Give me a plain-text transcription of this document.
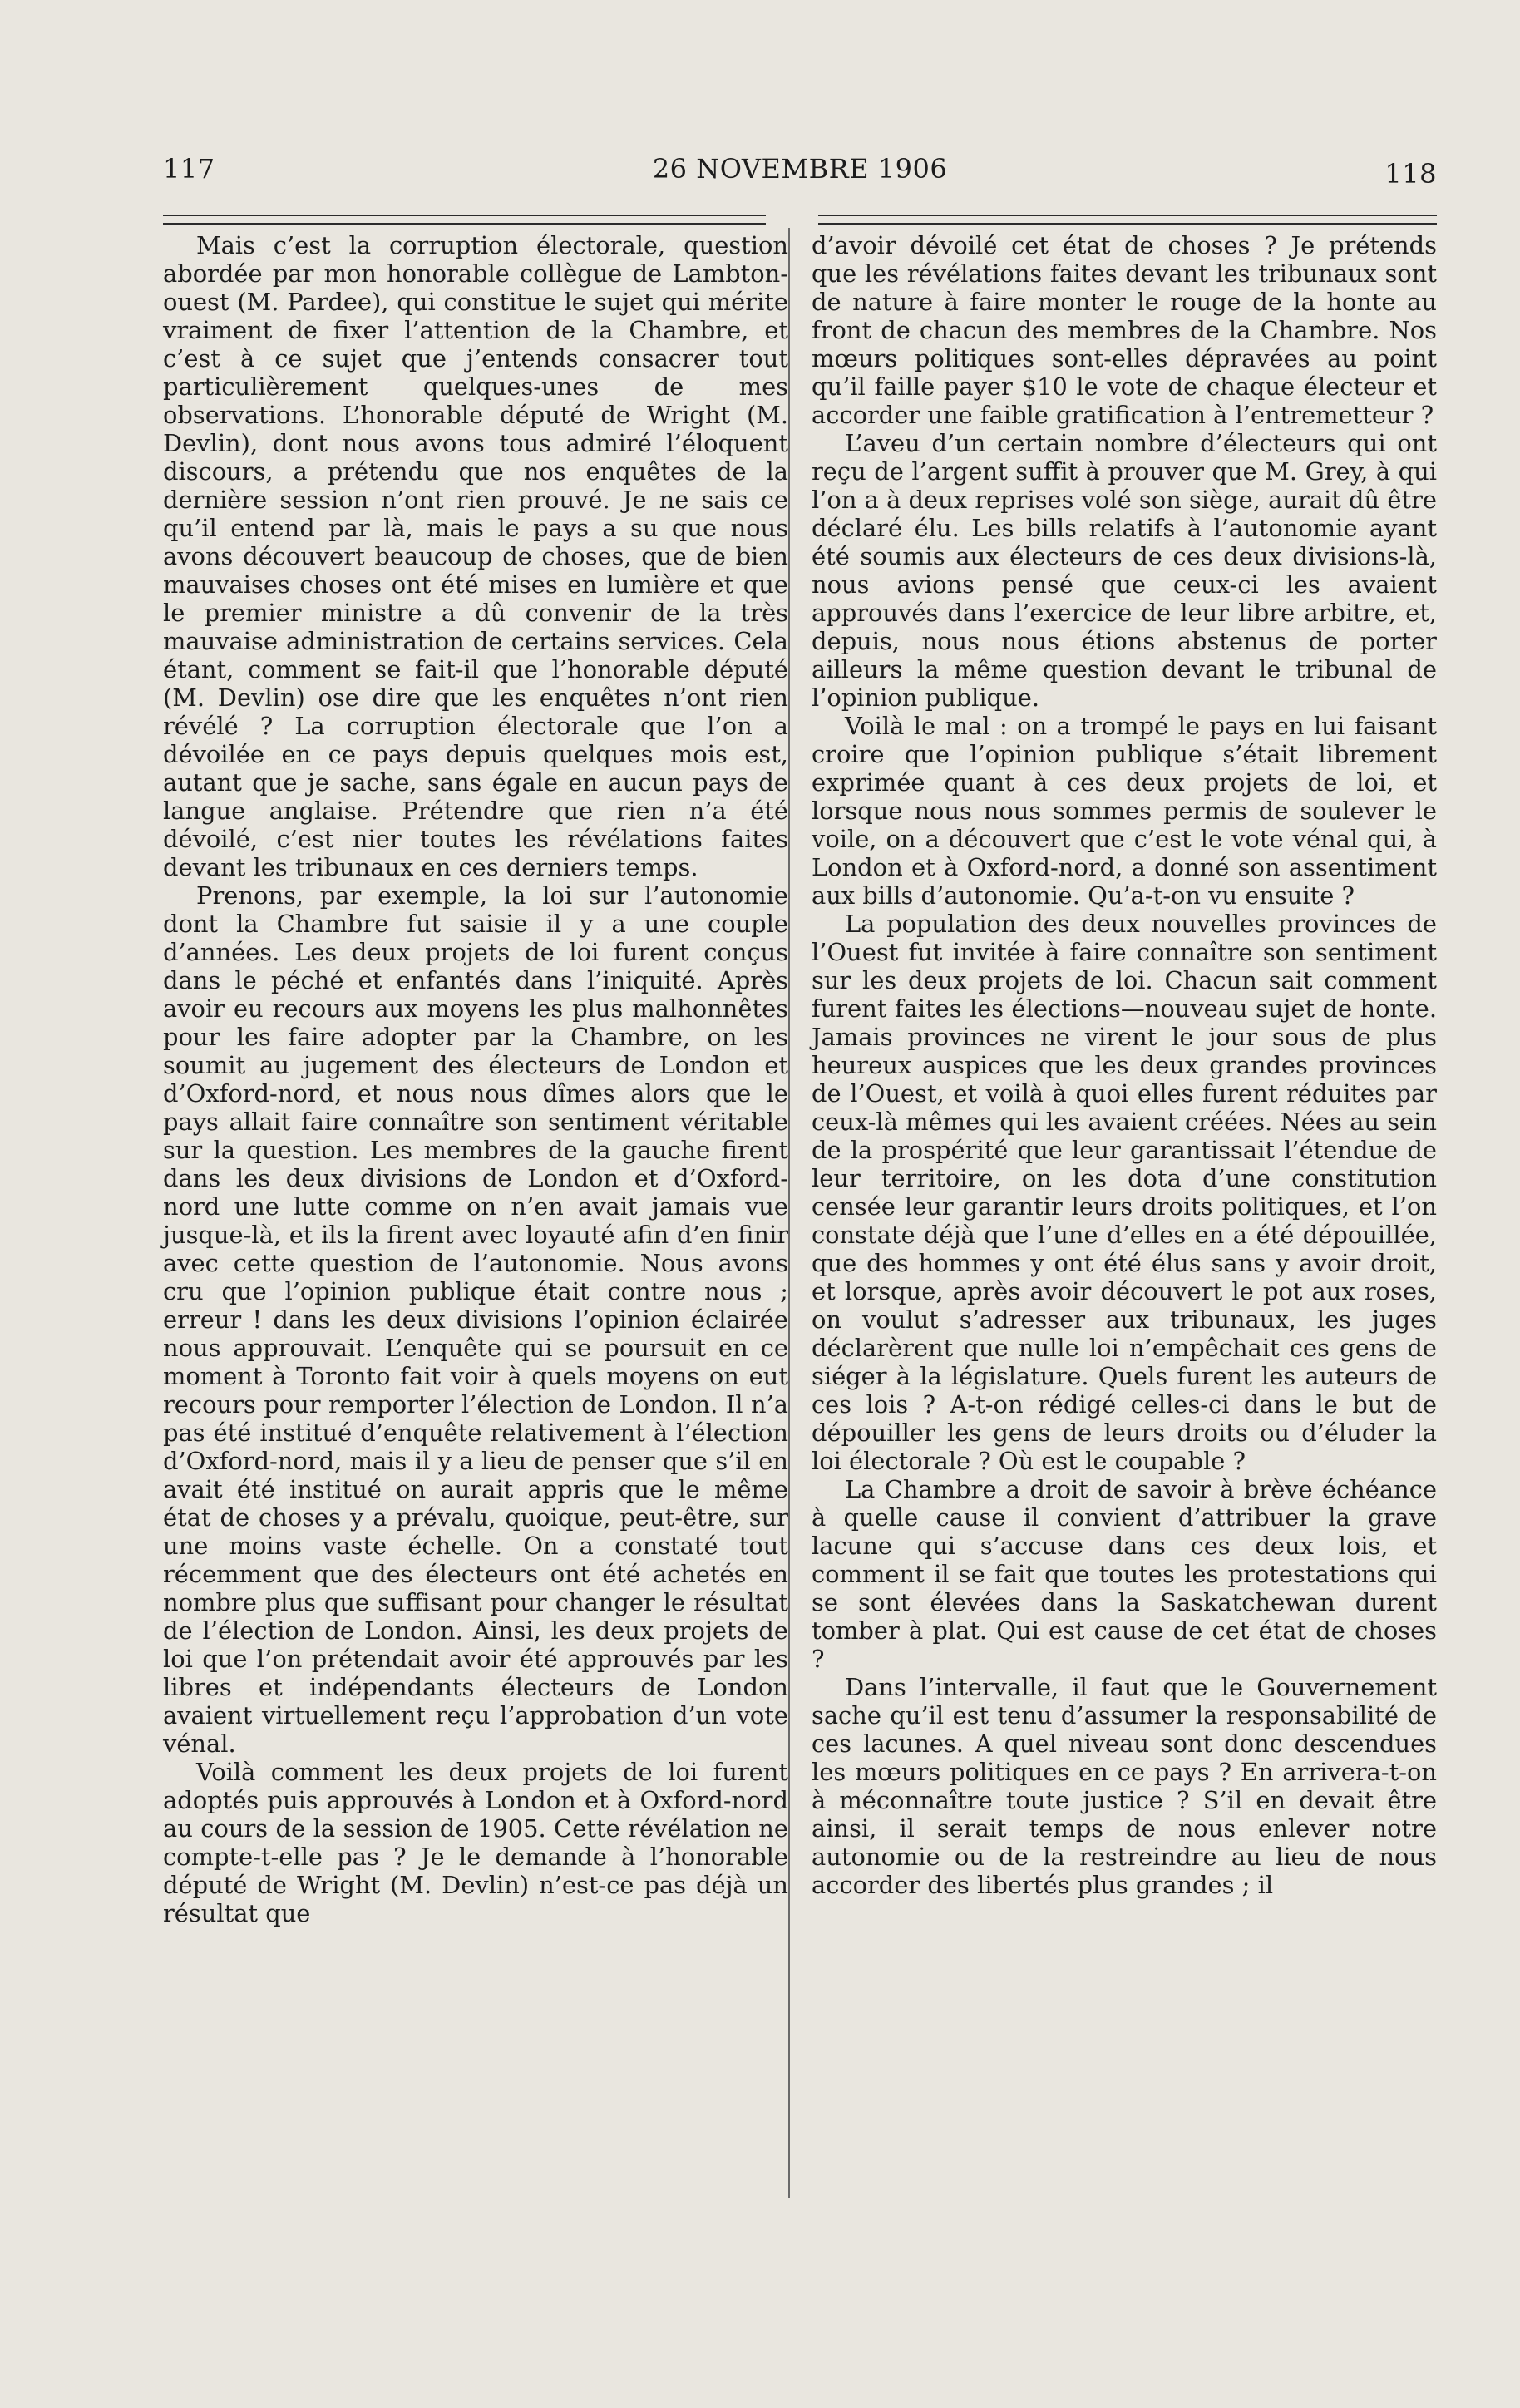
117	26 NOVEMBRE 1906	118

Mais c’est la corruption électorale, question abordée par mon honorable collègue de Lambton-ouest (M. Pardee), qui constitue le sujet qui mérite vraiment de fixer l’attention de la Chambre, et c’est à ce sujet que j’entends consacrer tout particulièrement quelques-unes de mes observations. L’honorable député de Wright (M. Devlin), dont nous avons tous admiré l’éloquent discours, a prétendu que nos enquêtes de la dernière session n’ont rien prouvé. Je ne sais ce qu’il entend par là, mais le pays a su que nous avons découvert beaucoup de choses, que de bien mauvaises choses ont été mises en lumière et que le premier ministre a dû convenir de la très mauvaise administration de certains services. Cela étant, comment se fait-il que l’honorable député (M. Devlin) ose dire que les enquêtes n’ont rien révélé ? La corruption électorale que l’on a dévoilée en ce pays depuis quelques mois est, autant que je sache, sans égale en aucun pays de langue anglaise. Prétendre que rien n’a été dévoilé, c’est nier toutes les révélations faites devant les tribunaux en ces derniers temps.

Prenons, par exemple, la loi sur l’autonomie dont la Chambre fut saisie il y a une couple d’années. Les deux projets de loi furent conçus dans le péché et enfantés dans l’iniquité. Après avoir eu recours aux moyens les plus malhonnêtes pour les faire adopter par la Chambre, on les soumit au jugement des électeurs de London et d’Oxford-nord, et nous nous dîmes alors que le pays allait faire connaître son sentiment véritable sur la question. Les membres de la gauche firent dans les deux divisions de London et d’Oxford-nord une lutte comme on n’en avait jamais vue jusque-là, et ils la firent avec loyauté afin d’en finir avec cette question de l’autonomie. Nous avons cru que l’opinion publique était contre nous ; erreur ! dans les deux divisions l’opinion éclairée nous approuvait. L’enquête qui se poursuit en ce moment à Toronto fait voir à quels moyens on eut recours pour remporter l’élection de London. Il n’a pas été institué d’enquête relativement à l’élection d’Oxford-nord, mais il y a lieu de penser que s’il en avait été institué on aurait appris que le même état de choses y a prévalu, quoique, peut-être, sur une moins vaste échelle. On a constaté tout récemment que des électeurs ont été achetés en nombre plus que suffisant pour changer le résultat de l’élection de London. Ainsi, les deux projets de loi que l’on prétendait avoir été approuvés par les libres et indépendants électeurs de London avaient virtuellement reçu l’approbation d’un vote vénal.

Voilà comment les deux projets de loi furent adoptés puis approuvés à London et à Oxford-nord au cours de la session de 1905. Cette révélation ne compte-t-elle pas ? Je le demande à l’honorable député de Wright (M. Devlin) n’est-ce pas déjà un résultat que

d’avoir dévoilé cet état de choses ? Je prétends que les révélations faites devant les tribunaux sont de nature à faire monter le rouge de la honte au front de chacun des membres de la Chambre. Nos mœurs politiques sont-elles dépravées au point qu’il faille payer $10 le vote de chaque électeur et accorder une faible gratification à l’entremetteur ?

L’aveu d’un certain nombre d’électeurs qui ont reçu de l’argent suffit à prouver que M. Grey, à qui l’on a à deux reprises volé son siège, aurait dû être déclaré élu. Les bills relatifs à l’autonomie ayant été soumis aux électeurs de ces deux divisions-là, nous avions pensé que ceux-ci les avaient approuvés dans l’exercice de leur libre arbitre, et, depuis, nous nous étions abstenus de porter ailleurs la même question devant le tribunal de l’opinion publique.

Voilà le mal : on a trompé le pays en lui faisant croire que l’opinion publique s’était librement exprimée quant à ces deux projets de loi, et lorsque nous nous sommes permis de soulever le voile, on a découvert que c’est le vote vénal qui, à London et à Oxford-nord, a donné son assentiment aux bills d’autonomie. Qu’a-t-on vu ensuite ?

La population des deux nouvelles provinces de l’Ouest fut invitée à faire connaître son sentiment sur les deux projets de loi. Chacun sait comment furent faites les élections—nouveau sujet de honte. Jamais provinces ne virent le jour sous de plus heureux auspices que les deux grandes provinces de l’Ouest, et voilà à quoi elles furent réduites par ceux-là mêmes qui les avaient créées. Nées au sein de la prospérité que leur garantissait l’étendue de leur territoire, on les dota d’une constitution censée leur garantir leurs droits politiques, et l’on constate déjà que l’une d’elles en a été dépouillée, que des hommes y ont été élus sans y avoir droit, et lorsque, après avoir découvert le pot aux roses, on voulut s’adresser aux tribunaux, les juges déclarèrent que nulle loi n’empêchait ces gens de siéger à la législature. Quels furent les auteurs de ces lois ? A-t-on rédigé celles-ci dans le but de dépouiller les gens de leurs droits ou d’éluder la loi électorale ? Où est le coupable ?

La Chambre a droit de savoir à brève échéance à quelle cause il convient d’attribuer la grave lacune qui s’accuse dans ces deux lois, et comment il se fait que toutes les protestations qui se sont élevées dans la Saskatchewan durent tomber à plat. Qui est cause de cet état de choses ?

Dans l’intervalle, il faut que le Gouvernement sache qu’il est tenu d’assumer la responsabilité de ces lacunes. A quel niveau sont donc descendues les mœurs politiques en ce pays ? En arrivera-t-on à méconnaître toute justice ? S’il en devait être ainsi, il serait temps de nous enlever notre autonomie ou de la restreindre au lieu de nous accorder des libertés plus grandes ; il
